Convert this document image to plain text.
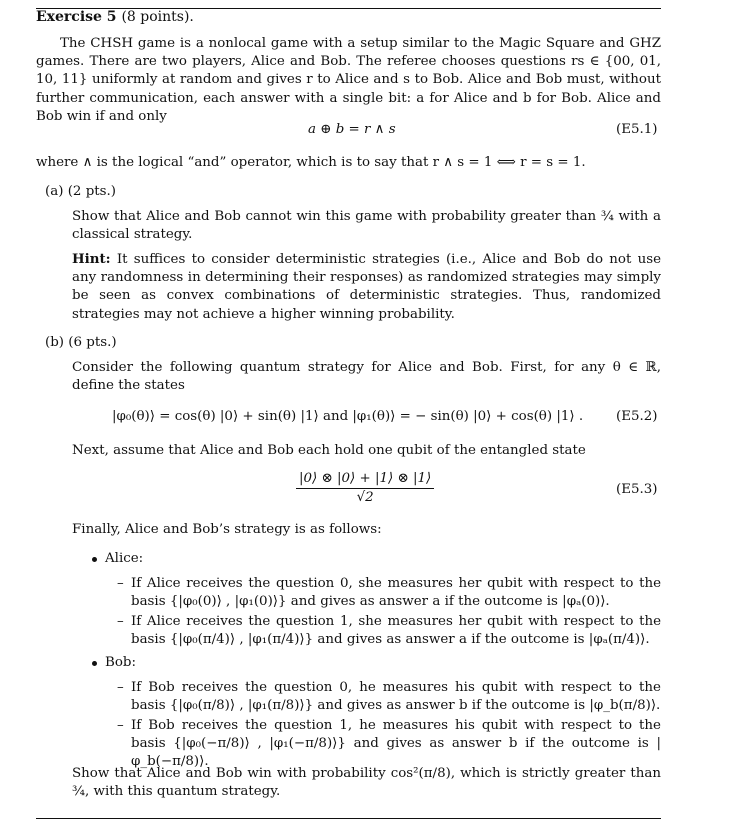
Exercise 5 (8 points).
The CHSH game is a nonlocal game with a setup similar to the Magic Square and GHZ games. There are two players, Alice and Bob. The referee chooses questions rs ∈ {00, 01, 10, 11} uniformly at random and gives r to Alice and s to Bob. Alice and Bob must, without further communication, each answer with a single bit: a for Alice and b for Bob. Alice and Bob win if and only
a ⊕ b = r ∧ s	(E5.1)
where ∧ is the logical “and” operator, which is to say that r ∧ s = 1 ⟺ r = s = 1.
(a) (2 pts.)
Show that Alice and Bob cannot win this game with probability greater than ¾ with a classical strategy.
Hint: It suffices to consider deterministic strategies (i.e., Alice and Bob do not use any randomness in determining their responses) as randomized strategies may simply be seen as convex combinations of deterministic strategies. Thus, randomized strategies may not achieve a higher winning probability.
(b) (6 pts.)
Consider the following quantum strategy for Alice and Bob. First, for any θ ∈ ℝ, define the states
|φ₀(θ)⟩ = cos(θ) |0⟩ + sin(θ) |1⟩ and |φ₁(θ)⟩ = − sin(θ) |0⟩ + cos(θ) |1⟩ . (E5.2)
Next, assume that Alice and Bob each hold one qubit of the entangled state
$\frac{|0⟩ \otimes |0⟩ + |1⟩ \otimes |1⟩}{√2}$	(E5.3)
Finally, Alice and Bob’s strategy is as follows:
Alice:
– If Alice receives the question 0, she measures her qubit with respect to the basis {|φ₀(0)⟩ , |φ₁(0)⟩} and gives as answer a if the outcome is |φₐ(0)⟩.
– If Alice receives the question 1, she measures her qubit with respect to the basis {|φ₀(π/4)⟩ , |φ₁(π/4)⟩} and gives as answer a if the outcome is |φₐ(π/4)⟩.
Bob:
– If Bob receives the question 0, he measures his qubit with respect to the basis {|φ₀(π/8)⟩ , |φ₁(π/8)⟩} and gives as answer b if the outcome is |φ_b(π/8)⟩.
– If Bob receives the question 1, he measures his qubit with respect to the basis {|φ₀(−π/8)⟩ , |φ₁(−π/8)⟩} and gives as answer b if the outcome is |φ_b(−π/8)⟩.
Show that Alice and Bob win with probability cos²(π/8), which is strictly greater than ¾, with this quantum strategy.
